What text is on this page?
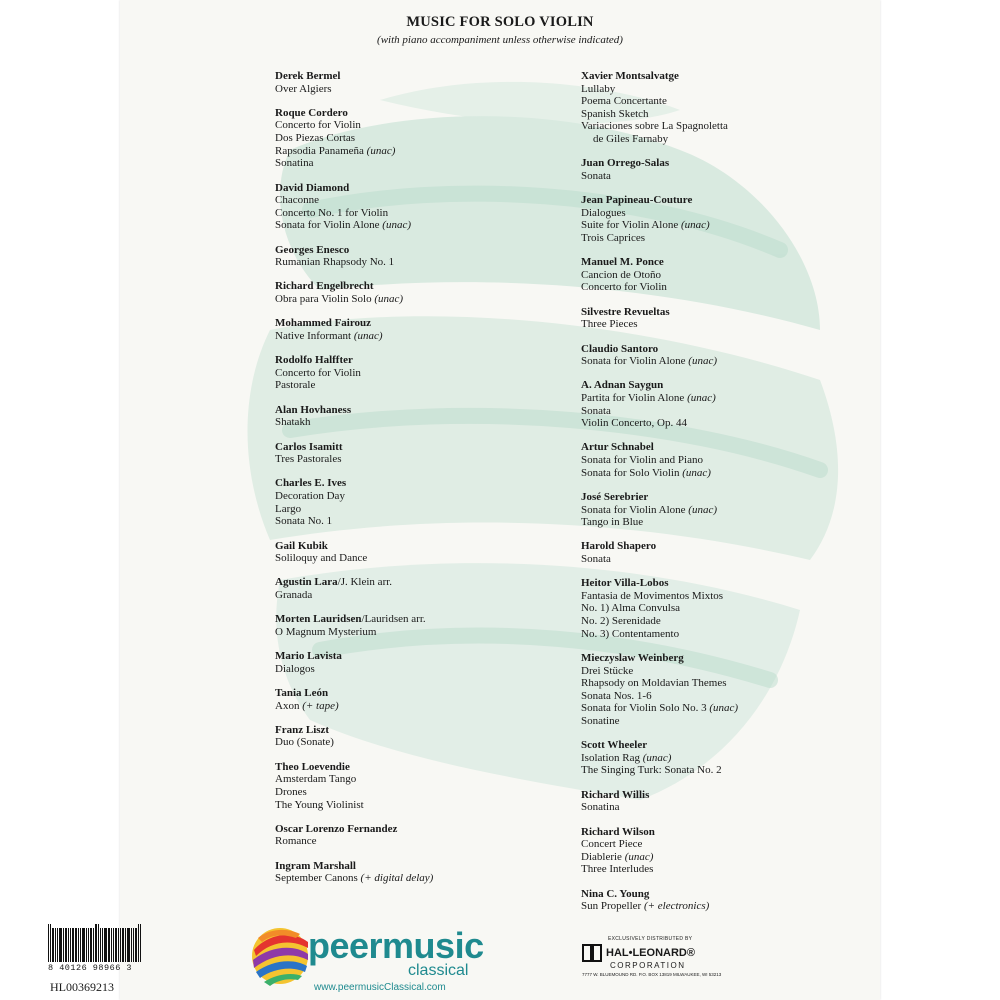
MUSIC FOR SOLO VIOLIN
(with piano accompaniment unless otherwise indicated)
Derek Bermel
Over Algiers
Roque Cordero
Concerto for Violin
Dos Piezas Cortas
Rapsodia Panameña (unac)
Sonatina
David Diamond
Chaconne
Concerto No. 1 for Violin
Sonata for Violin Alone (unac)
Georges Enesco
Rumanian Rhapsody No. 1
Richard Engelbrecht
Obra para Violin Solo (unac)
Mohammed Fairouz
Native Informant (unac)
Rodolfo Halffter
Concerto for Violin
Pastorale
Alan Hovhaness
Shatakh
Carlos Isamitt
Tres Pastorales
Charles E. Ives
Decoration Day
Largo
Sonata No. 1
Gail Kubik
Soliloquy and Dance
Agustin Lara/J. Klein arr.
Granada
Morten Lauridsen/Lauridsen arr.
O Magnum Mysterium
Mario Lavista
Dialogos
Tania León
Axon (+ tape)
Franz Liszt
Duo (Sonate)
Theo Loevendie
Amsterdam Tango
Drones
The Young Violinist
Oscar Lorenzo Fernandez
Romance
Ingram Marshall
September Canons (+ digital delay)
Xavier Montsalvatge
Lullaby
Poema Concertante
Spanish Sketch
Variaciones sobre La Spagnoletta
de Giles Farnaby
Juan Orrego-Salas
Sonata
Jean Papineau-Couture
Dialogues
Suite for Violin Alone (unac)
Trois Caprices
Manuel M. Ponce
Cancion de Otoño
Concerto for Violin
Silvestre Revueltas
Three Pieces
Claudio Santoro
Sonata for Violin Alone (unac)
A. Adnan Saygun
Partita for Violin Alone (unac)
Sonata
Violin Concerto, Op. 44
Artur Schnabel
Sonata for Violin and Piano
Sonata for Solo Violin (unac)
José Serebrier
Sonata for Violin Alone (unac)
Tango in Blue
Harold Shapero
Sonata
Heitor Villa-Lobos
Fantasia de Movimentos Mixtos
No. 1) Alma Convulsa
No. 2) Serenidade
No. 3) Contentamento
Mieczyslaw Weinberg
Drei Stücke
Rhapsody on Moldavian Themes
Sonata Nos. 1-6
Sonata for Violin Solo No. 3 (unac)
Sonatine
Scott Wheeler
Isolation Rag (unac)
The Singing Turk: Sonata No. 2
Richard Willis
Sonatina
Richard Wilson
Concert Piece
Diablerie (unac)
Three Interludes
Nina C. Young
Sun Propeller (+ electronics)
8 40126 98966 3
HL00369213
peermusic
classical
www.peermusicClassical.com
EXCLUSIVELY DISTRIBUTED BY
HAL•LEONARD®
CORPORATION
7777 W. BLUEMOUND RD. P.O. BOX 13819 MILWAUKEE, WI 53213
